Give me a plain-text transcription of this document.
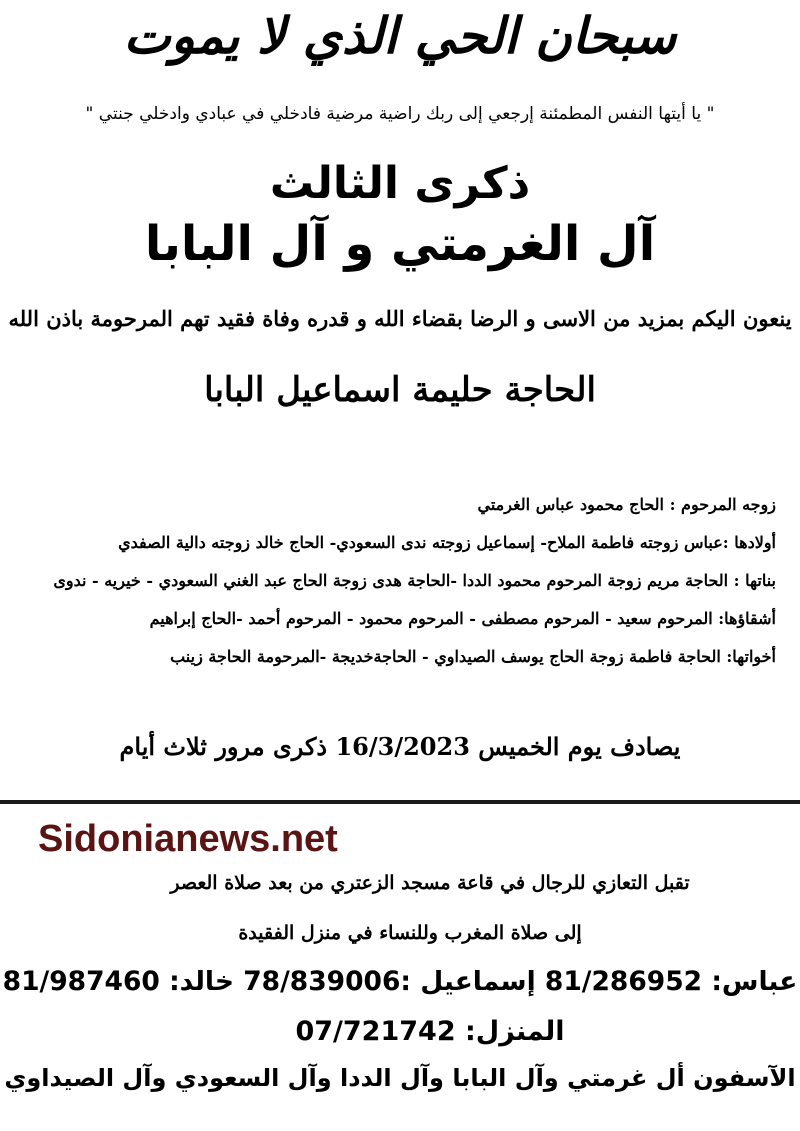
سبحان الحي الذي لا يموت
" يا أيتها النفس المطمئنة إرجعي إلى ربك راضية مرضية فادخلي في عبادي وادخلي جنتي "
ذكرى الثالث
آل الغرمتي و آل البابا
ينعون اليكم بمزيد من الاسى و الرضا بقضاء الله و قدره وفاة فقيد تهم المرحومة باذن الله
الحاجة حليمة اسماعيل البابا
زوجه المرحوم : الحاج محمود عباس الغرمتي
أولادها :عباس زوجته فاطمة الملاح- إسماعيل زوجته ندى السعودي- الحاج خالد زوجته دالية الصفدي
بناتها : الحاجة مريم زوجة المرحوم محمود الددا -الحاجة هدى زوجة الحاج عبد الغني السعودي - خيريه - ندوى
أشقاؤها: المرحوم سعيد - المرحوم مصطفى - المرحوم محمود - المرحوم أحمد -الحاج إبراهيم
أخواتها: الحاجة فاطمة زوجة الحاج يوسف الصيداوي - الحاجةخديجة -المرحومة الحاجة زينب
يصادف يوم الخميس 16/3/2023 ذكرى مرور ثلاث أيام
Sidonianews.net
تقبل التعازي للرجال في قاعة مسجد الزعتري من بعد صلاة العصر
إلى صلاة المغرب وللنساء في منزل الفقيدة
عباس: 81/286952 إسماعيل :78/839006 خالد: 81/987460
المنزل: 07/721742
الآسفون أل غرمتي وآل البابا وآل الددا وآل السعودي وآل الصيداوي
